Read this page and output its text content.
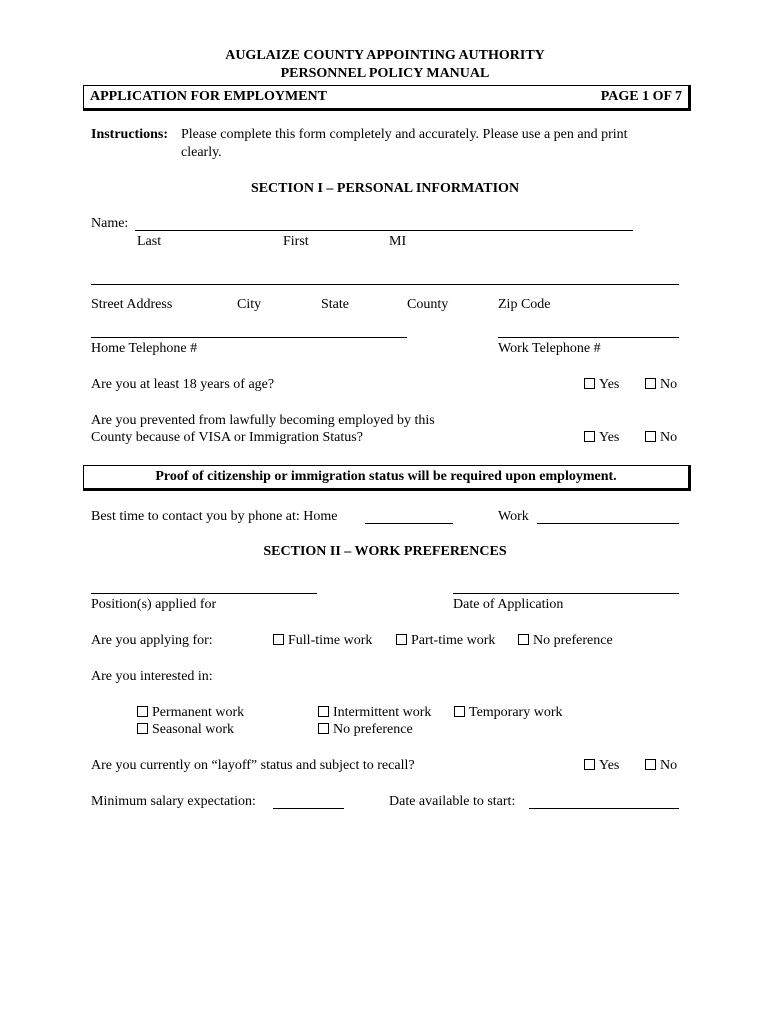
AUGLAIZE COUNTY APPOINTING AUTHORITY
PERSONNEL POLICY MANUAL
APPLICATION FOR EMPLOYMENT	PAGE 1 OF 7
Instructions: Please complete this form completely and accurately. Please use a pen and print
clearly.
SECTION I – PERSONAL INFORMATION
Name:
Last	First	MI
Street Address	City	State	County	Zip Code
Home Telephone #	Work Telephone #
Are you at least 18 years of age?	Yes	No
Are you prevented from lawfully becoming employed by this
County because of VISA or Immigration Status?	Yes	No
Proof of citizenship or immigration status will be required upon employment.
Best time to contact you by phone at: Home	Work
SECTION II – WORK PREFERENCES
Position(s) applied for	Date of Application
Are you applying for:	Full-time work	Part-time work	No preference
Are you interested in:
Permanent work	Intermittent work	Temporary work
Seasonal work	No preference
Are you currently on “layoff” status and subject to recall?	Yes	No
Minimum salary expectation:	Date available to start:
